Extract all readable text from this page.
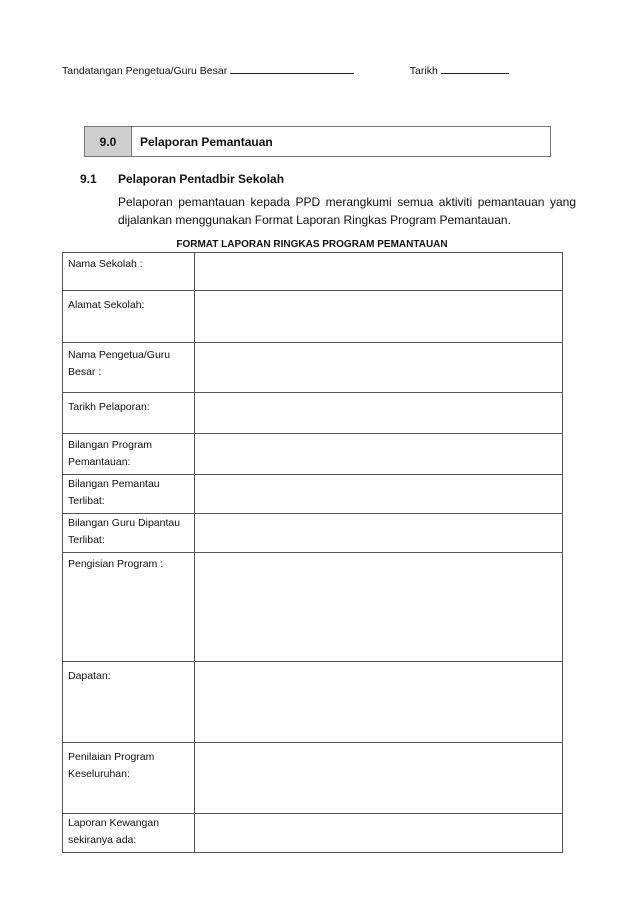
Tandatangan Pengetua/Guru Besar	Tarikh
9.0	Pelaporan Pemantauan
9.1 Pelaporan Pentadbir Sekolah
Pelaporan pemantauan kepada PPD merangkumi semua aktiviti pemantauan yang dijalankan menggunakan Format Laporan Ringkas Program Pemantauan.
FORMAT LAPORAN RINGKAS PROGRAM PEMANTAUAN
Nama Sekolah :	
Alamat Sekolah:	
Nama Pengetua/Guru Besar :	
Tarikh Pelaporan:	
Bilangan Program Pemantauan:	
Bilangan Pemantau Terlibat:	
Bilangan Guru Dipantau Terlibat:	
Pengisian Program :	
Dapatan:	
Penilaian Program Keseluruhan:	
Laporan Kewangan sekiranya ada:	
